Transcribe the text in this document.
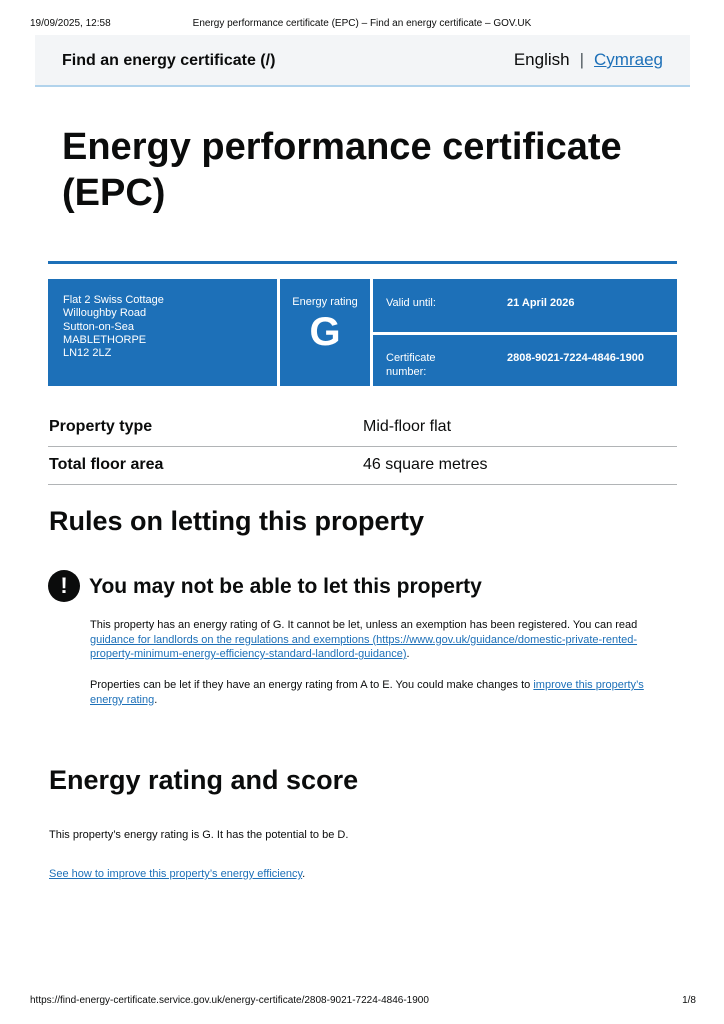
19/09/2025, 12:58	Energy performance certificate (EPC) – Find an energy certificate – GOV.UK
Find an energy certificate (/)	English | Cymraeg
Energy performance certificate (EPC)
Flat 2 Swiss Cottage
Willoughby Road
Sutton-on-Sea
MABLETHORPE
LN12 2LZ
Energy rating
G
Valid until:	21 April 2026
Certificate
number:
2808-9021-7224-4846-1900
Property type	Mid-floor flat
Total floor area	46 square metres
Rules on letting this property
!	You may not be able to let this property

This property has an energy rating of G. It cannot be let, unless an exemption has been registered. You can read guidance for landlords on the regulations and exemptions (https://www.gov.uk/guidance/domestic-private-rented-property-minimum-energy-efficiency-standard-landlord-guidance).

Properties can be let if they have an energy rating from A to E. You could make changes to improve this property’s energy rating.

Energy rating and score

This property’s energy rating is G. It has the potential to be D.

See how to improve this property’s energy efficiency.

https://find-energy-certificate.service.gov.uk/energy-certificate/2808-9021-7224-4846-1900	1/8
